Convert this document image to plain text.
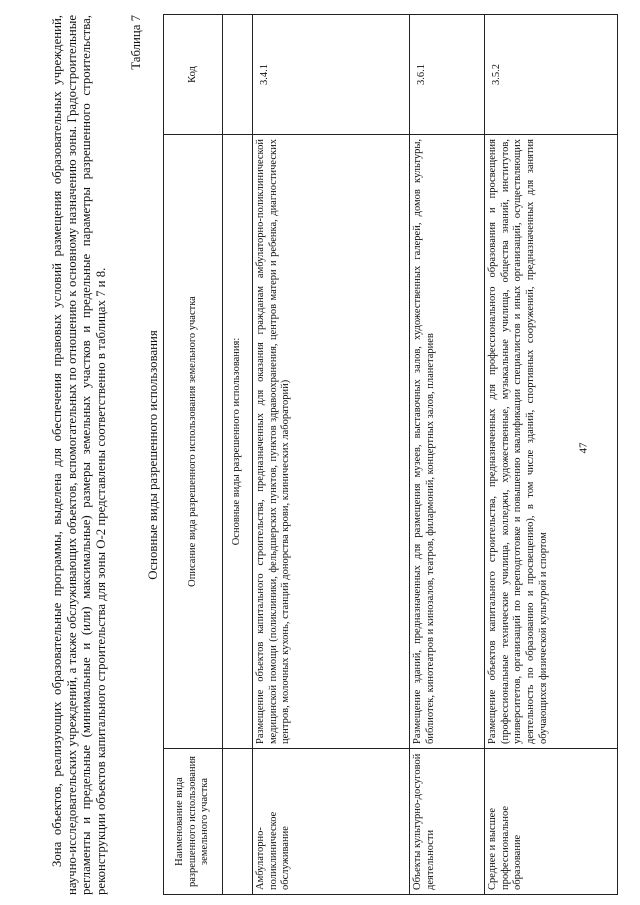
47

Зона объектов, реализующих образовательные программы, выделена для обеспечения правовых условий размещения образовательных учреждений, научно-исследовательских учреждений, а также обслуживающих объектов, вспомогательных по отношению к основному назначению зоны. Градостроительные регламенты и предельные (минимальные и (или) максимальные) размеры земельных участков и предельные параметры разрешенного строительства, реконструкции объектов капитального строительства для зоны О-2 представлены соответственно в таблицах 7 и 8.

Таблица 7
Основные виды разрешенного использования
Наименование вида разрешенного использования земельного участка	Описание вида разрешенного использования земельного участка	Код
	Основные виды разрешенного использования:	
Амбулаторно-поликлиническое обслуживание	Размещение объектов капитального строительства, предназначенных для оказания гражданам амбулаторно-поликлинической медицинской помощи (поликлиники, фельдшерских пунктов, пунктов здравоохранения, центров матери и ребенка, диагностических центров, молочных кухонь, станций донорства крови, клинических лабораторий)	3.4.1
Объекты культурно-досуговой деятельности	Размещение зданий, предназначенных для размещения музеев, выставочных залов, художественных галерей, домов культуры, библиотек, кинотеатров и кинозалов, театров, филармоний, концертных залов, планетариев	3.6.1
Среднее и высшее профессиональное образование	Размещение объектов капитального строительства, предназначенных для профессионального образования и просвещения (профессиональные технические училища, колледжи, художественные, музыкальные училища, общества знаний, институтов, университетов, организаций по переподготовке и повышению квалификации специалистов и иных организаций, осуществляющих деятельность по образованию и просвещению), в том числе зданий, спортивных сооружений, предназначенных для занятия обучающихся физической культурой и спортом	3.5.2
